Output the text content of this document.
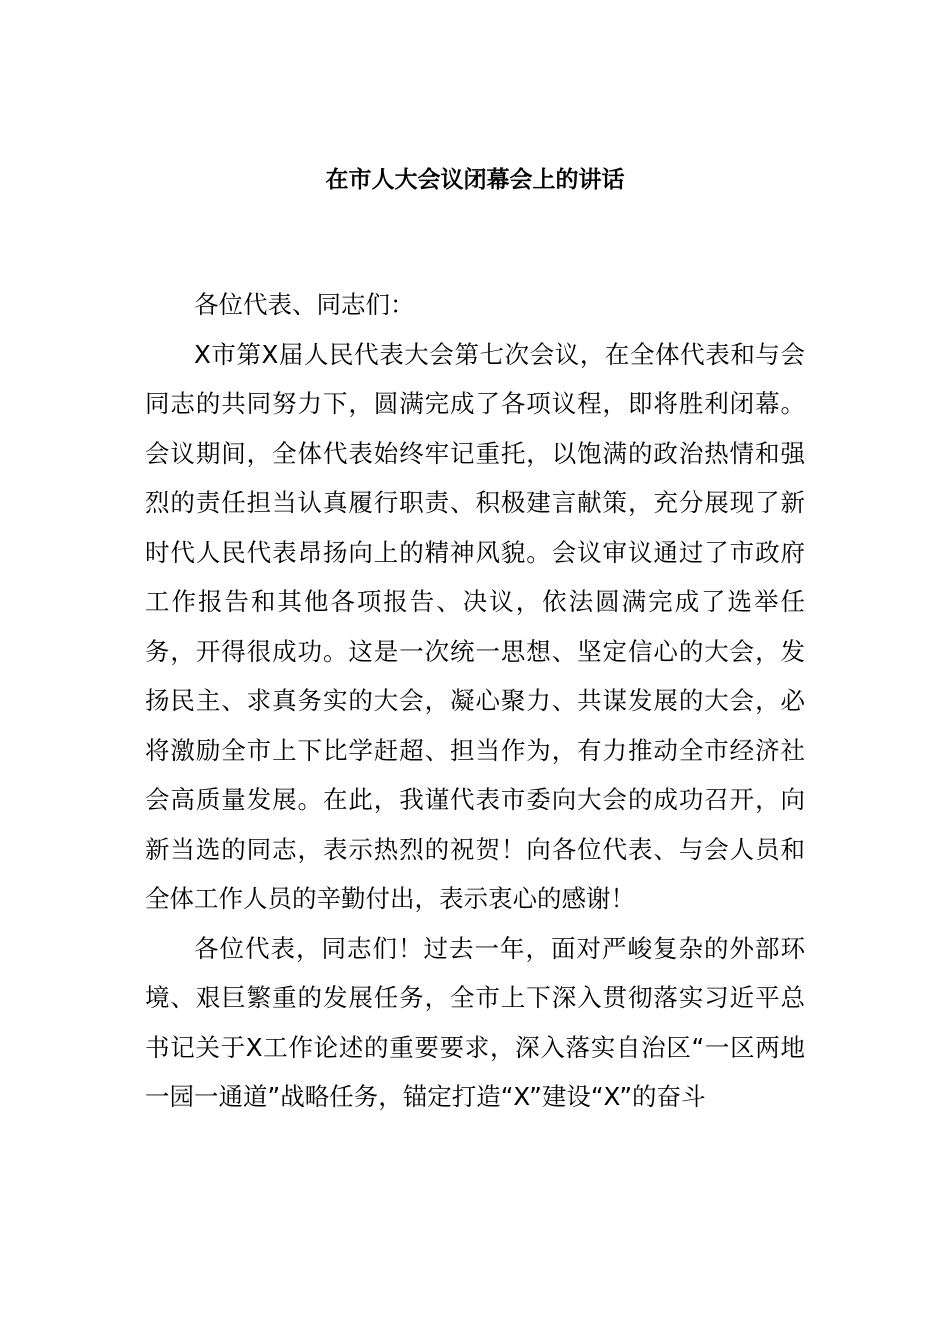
在市人大会议闭幕会上的讲话

各位代表、同志们：

X市第X届人民代表大会第七次会议，在全体代表和与会同志的共同努力下，圆满完成了各项议程，即将胜利闭幕。会议期间，全体代表始终牢记重托，以饱满的政治热情和强烈的责任担当认真履行职责、积极建言献策，充分展现了新时代人民代表昂扬向上的精神风貌。会议审议通过了市政府工作报告和其他各项报告、决议，依法圆满完成了选举任务，开得很成功。这是一次统一思想、坚定信心的大会，发扬民主、求真务实的大会，凝心聚力、共谋发展的大会，必将激励全市上下比学赶超、担当作为，有力推动全市经济社会高质量发展。在此，我谨代表市委向大会的成功召开，向新当选的同志，表示热烈的祝贺！向各位代表、与会人员和全体工作人员的辛勤付出，表示衷心的感谢！

各位代表，同志们！过去一年，面对严峻复杂的外部环境、艰巨繁重的发展任务，全市上下深入贯彻落实习近平总书记关于X工作论述的重要要求，深入落实自治区“一区两地一园一通道”战略任务，锚定打造“X”建设“X”的奋斗
